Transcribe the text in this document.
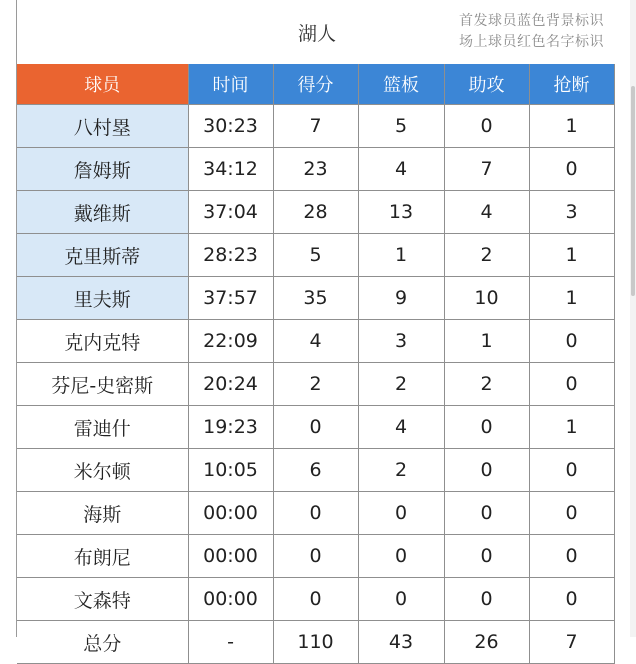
湖人
首发球员蓝色背景标识
场上球员红色名字标识
球员	时间	得分	篮板	助攻	抢断
八村塁	30:23	7	5	0	1
詹姆斯	34:12	23	4	7	0
戴维斯	37:04	28	13	4	3
克里斯蒂	28:23	5	1	2	1
里夫斯	37:57	35	9	10	1
克内克特	22:09	4	3	1	0
芬尼-史密斯	20:24	2	2	2	0
雷迪什	19:23	0	4	0	1
米尔顿	10:05	6	2	0	0
海斯	00:00	0	0	0	0
布朗尼	00:00	0	0	0	0
文森特	00:00	0	0	0	0
总分	-	110	43	26	7
